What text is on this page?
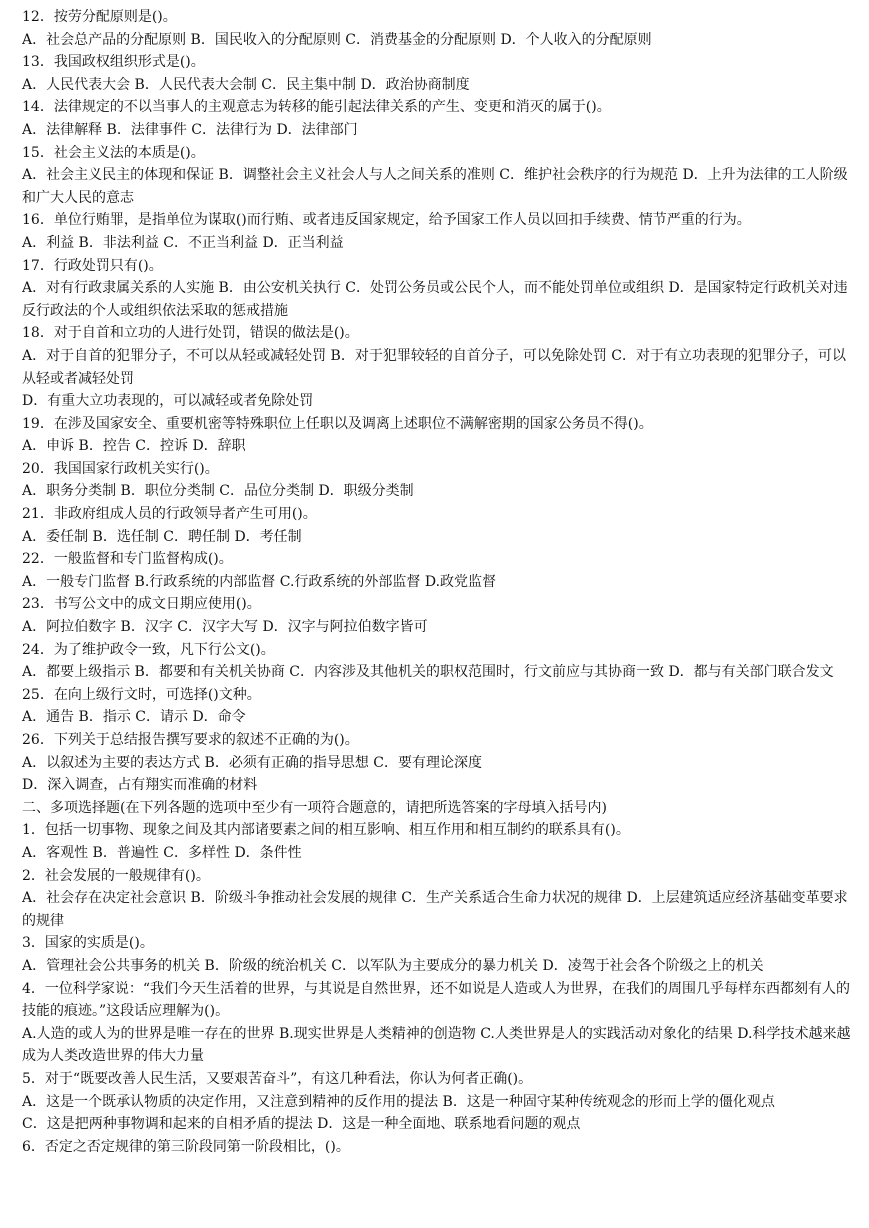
12．按劳分配原则是()。
A．社会总产品的分配原则 B．国民收入的分配原则 C．消费基金的分配原则 D．个人收入的分配原则
13．我国政权组织形式是()。
A．人民代表大会 B．人民代表大会制 C．民主集中制 D．政治协商制度
14．法律规定的不以当事人的主观意志为转移的能引起法律关系的产生、变更和消灭的属于()。
A．法律解释 B．法律事件 C．法律行为 D．法律部门
15．社会主义法的本质是()。
A．社会主义民主的体现和保证 B．调整社会主义社会人与人之间关系的准则 C．维护社会秩序的行为规范 D．上升为法律的工人阶级和广大人民的意志
16．单位行贿罪，是指单位为谋取()而行贿、或者违反国家规定，给予国家工作人员以回扣手续费、情节严重的行为。
A．利益 B．非法利益 C．不正当利益 D．正当利益
17．行政处罚只有()。
A．对有行政隶属关系的人实施 B．由公安机关执行 C．处罚公务员或公民个人，而不能处罚单位或组织 D．是国家特定行政机关对违反行政法的个人或组织依法采取的惩戒措施
18．对于自首和立功的人进行处罚，错误的做法是()。
A．对于自首的犯罪分子，不可以从轻或减轻处罚 B．对于犯罪较轻的自首分子，可以免除处罚 C．对于有立功表现的犯罪分子，可以从轻或者减轻处罚
D．有重大立功表现的，可以减轻或者免除处罚
19．在涉及国家安全、重要机密等特殊职位上任职以及调离上述职位不满解密期的国家公务员不得()。
A．申诉 B．控告 C．控诉 D．辞职
20．我国国家行政机关实行()。
A．职务分类制 B．职位分类制 C．品位分类制 D．职级分类制
21．非政府组成人员的行政领导者产生可用()。
A．委任制 B．选任制 C．聘任制 D．考任制
22．一般监督和专门监督构成()。
A．一般专门监督 B.行政系统的内部监督 C.行政系统的外部监督 D.政党监督
23．书写公文中的成文日期应使用()。
A．阿拉伯数字 B．汉字 C．汉字大写 D．汉字与阿拉伯数字皆可
24．为了维护政令一致，凡下行公文()。
A．都要上级指示 B．都要和有关机关协商 C．内容涉及其他机关的职权范围时，行文前应与其协商一致 D．都与有关部门联合发文
25．在向上级行文时，可选择()文种。
A．通告 B．指示 C．请示 D．命令
26．下列关于总结报告撰写要求的叙述不正确的为()。
A．以叙述为主要的表达方式 B．必须有正确的指导思想 C．要有理论深度
D．深入调查，占有翔实而准确的材料
二、多项选择题(在下列各题的选项中至少有一项符合题意的，请把所选答案的字母填入括号内)
1．包括一切事物、现象之间及其内部诸要素之间的相互影响、相互作用和相互制约的联系具有()。
A．客观性 B．普遍性 C．多样性 D．条件性
2．社会发展的一般规律有()。
A．社会存在决定社会意识 B．阶级斗争推动社会发展的规律 C．生产关系适合生命力状况的规律 D．上层建筑适应经济基础变革要求的规律
3．国家的实质是()。
A．管理社会公共事务的机关 B．阶级的统治机关 C．以军队为主要成分的暴力机关 D．凌驾于社会各个阶级之上的机关
4．一位科学家说：“我们今天生活着的世界，与其说是自然世界，还不如说是人造或人为世界，在我们的周围几乎每样东西都刻有人的技能的痕迹。”这段话应理解为()。
A.人造的或人为的世界是唯一存在的世界 B.现实世界是人类精神的创造物 C.人类世界是人的实践活动对象化的结果 D.科学技术越来越成为人类改造世界的伟大力量
5．对于“既要改善人民生活，又要艰苦奋斗”，有这几种看法，你认为何者正确()。
A．这是一个既承认物质的决定作用，又注意到精神的反作用的提法 B．这是一种固守某种传统观念的形而上学的僵化观点
C．这是把两种事物调和起来的自相矛盾的提法 D．这是一种全面地、联系地看问题的观点
6．否定之否定规律的第三阶段同第一阶段相比，()。
